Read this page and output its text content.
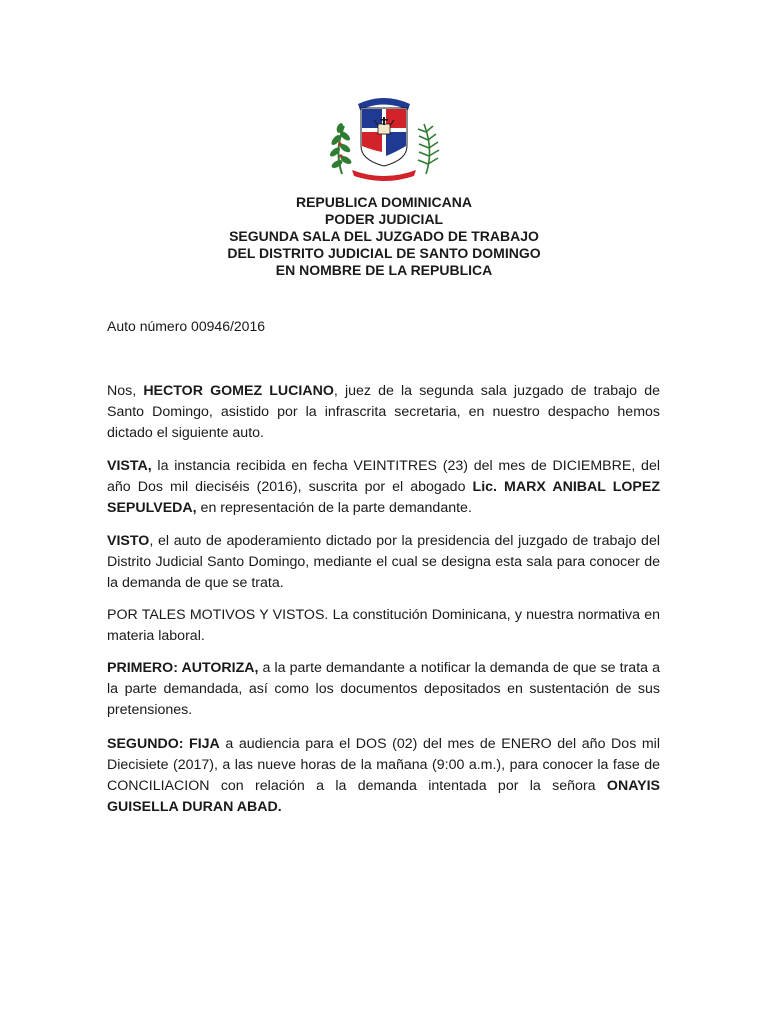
REPUBLICA DOMINICANA
PODER JUDICIAL
SEGUNDA SALA DEL JUZGADO DE TRABAJO
DEL DISTRITO JUDICIAL DE SANTO DOMINGO
EN NOMBRE DE LA REPUBLICA
Auto número 00946/2016
Nos, HECTOR GOMEZ LUCIANO, juez de la segunda sala juzgado de trabajo de Santo Domingo, asistido por la infrascrita secretaria, en nuestro despacho hemos dictado el siguiente auto.
VISTA, la instancia recibida en fecha VEINTITRES (23) del mes de DICIEMBRE, del año Dos mil dieciséis (2016), suscrita por el abogado Lic. MARX ANIBAL LOPEZ SEPULVEDA, en representación de la parte demandante.
VISTO, el auto de apoderamiento dictado por la presidencia del juzgado de trabajo del Distrito Judicial Santo Domingo, mediante el cual se designa esta sala para conocer de la demanda de que se trata.
POR TALES MOTIVOS Y VISTOS. La constitución Dominicana, y nuestra normativa en materia laboral.
PRIMERO: AUTORIZA, a la parte demandante a notificar la demanda de que se trata a la parte demandada, así como los documentos depositados en sustentación de sus pretensiones.
SEGUNDO: FIJA a audiencia para el DOS (02) del mes de ENERO del año Dos mil Diecisiete (2017), a las nueve horas de la mañana (9:00 a.m.), para conocer la fase de CONCILIACION con relación a la demanda intentada por la señora ONAYIS GUISELLA DURAN ABAD.
